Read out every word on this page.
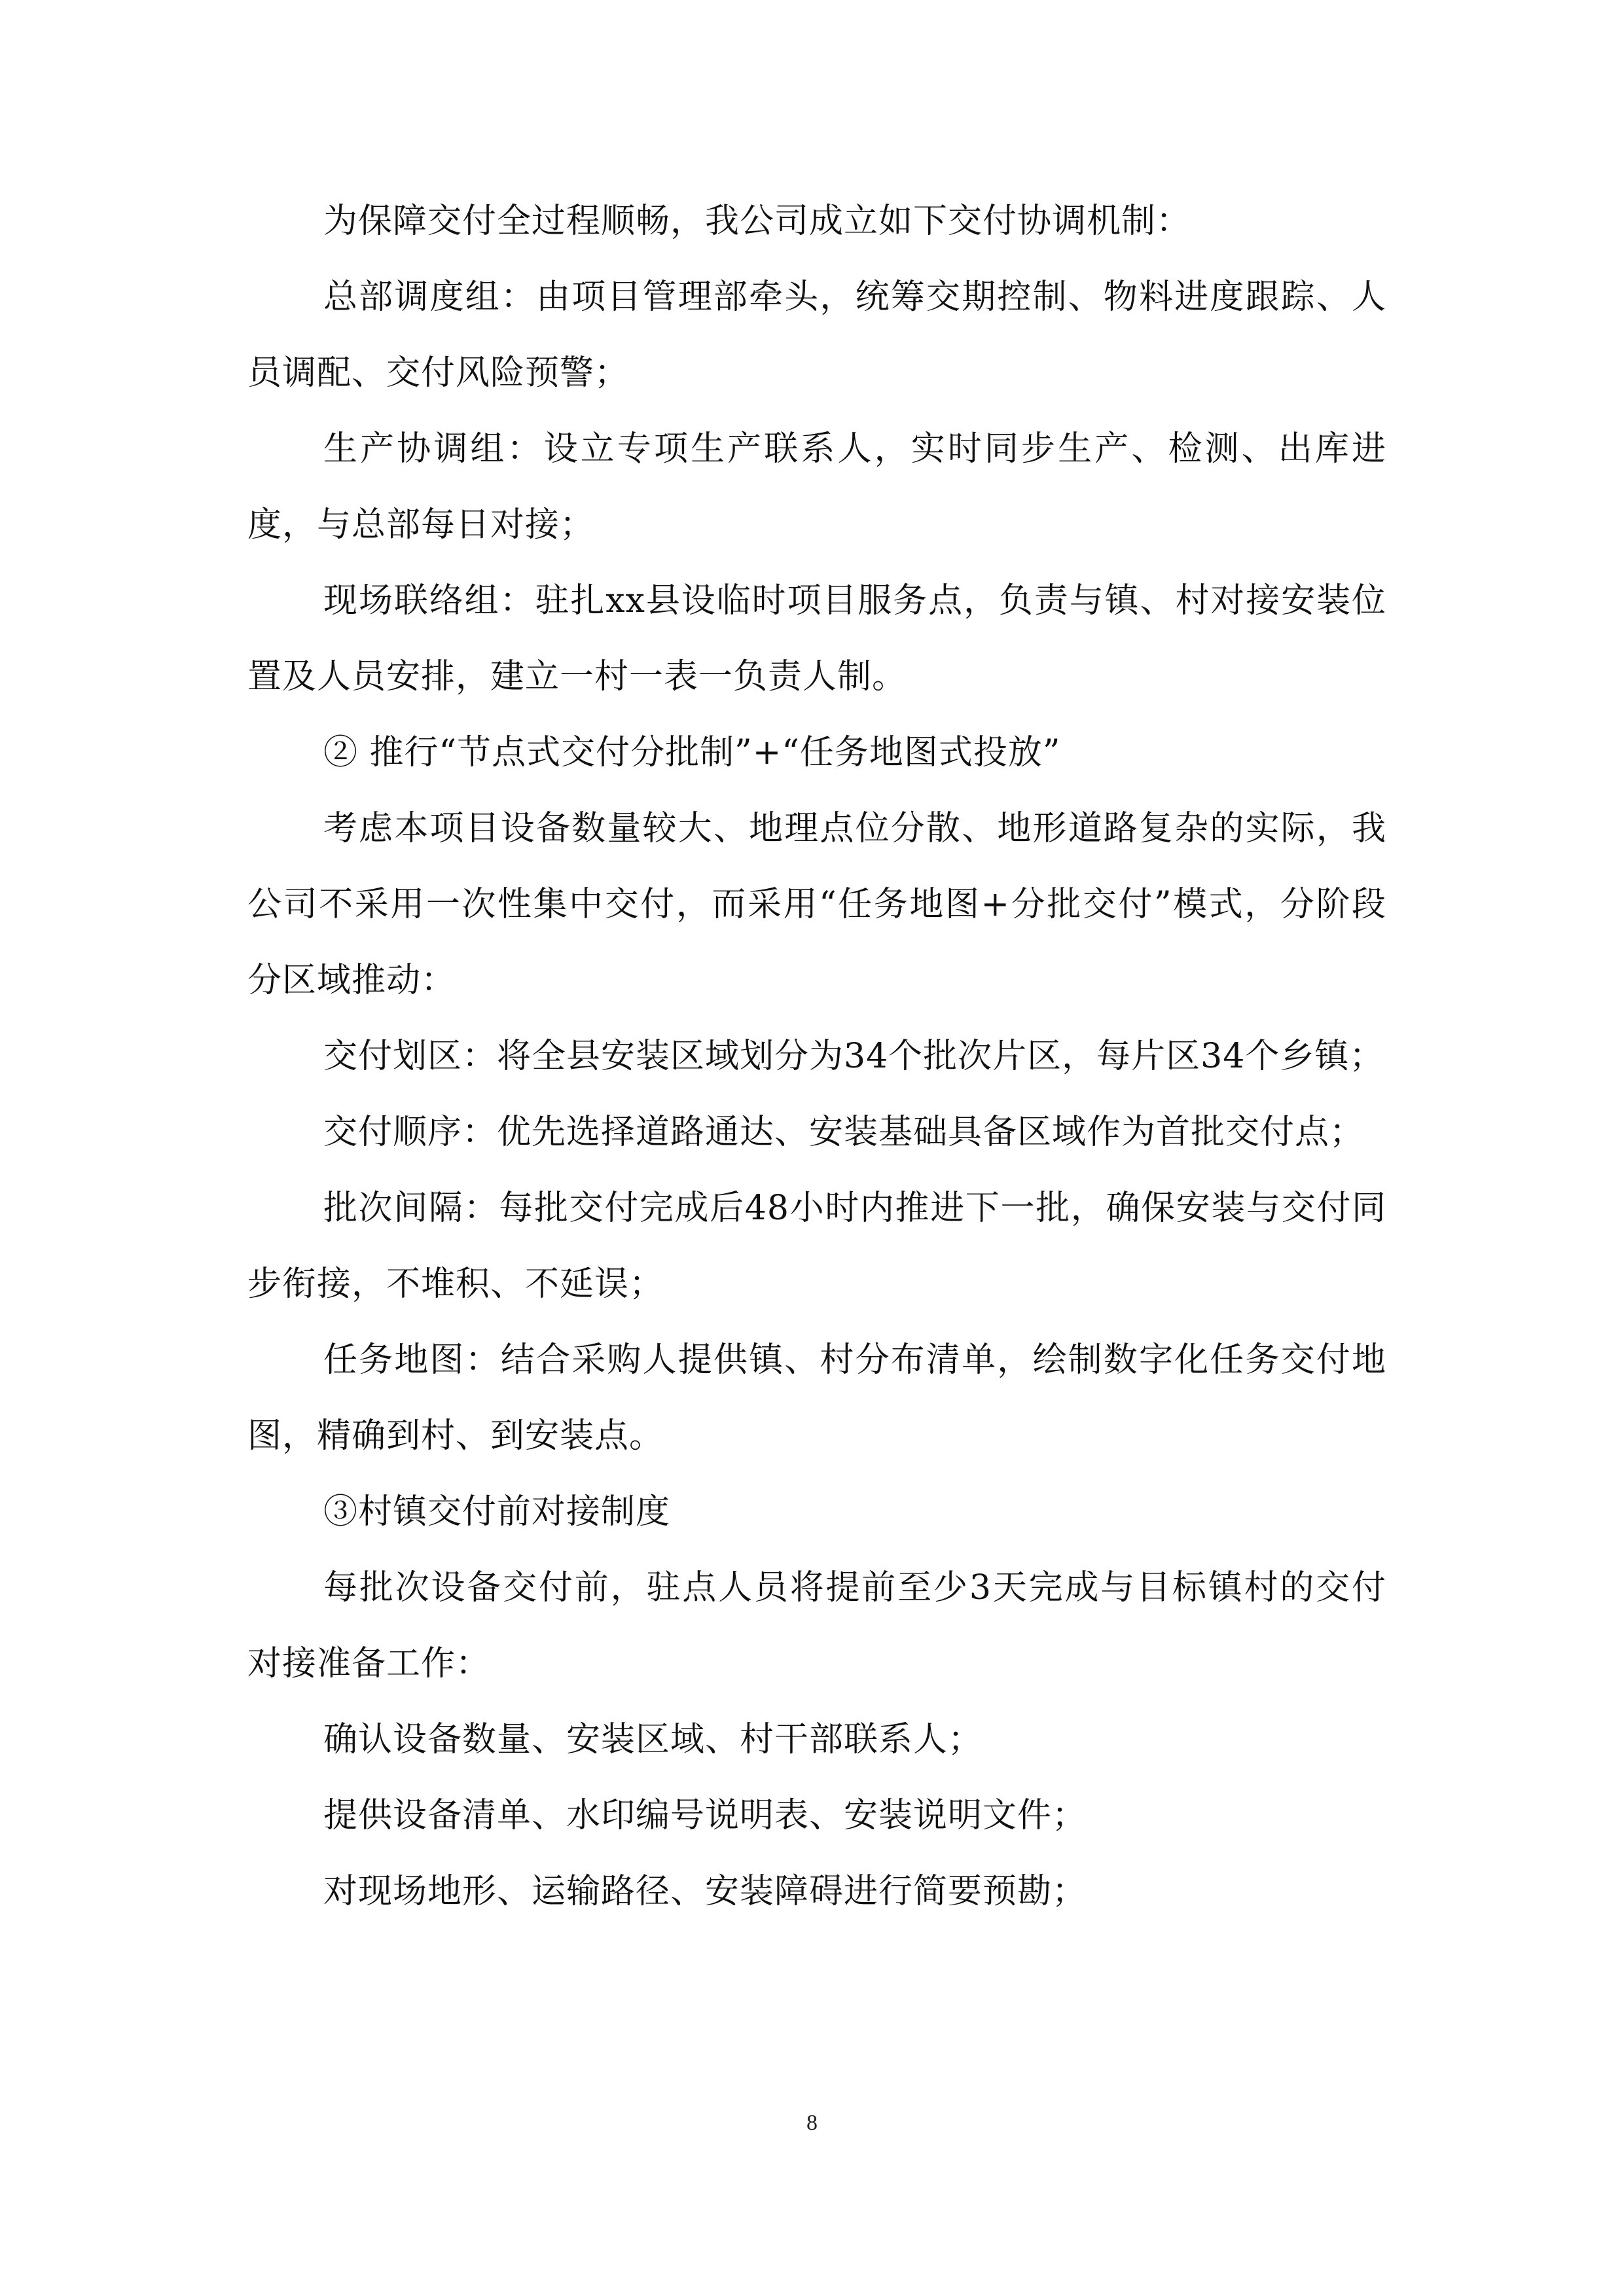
为保障交付全过程顺畅，我公司成立如下交付协调机制：

总部调度组：由项目管理部牵头，统筹交期控制、物料进度跟踪、人员调配、交付风险预警；

生产协调组：设立专项生产联系人，实时同步生产、检测、出库进度，与总部每日对接；

现场联络组：驻扎xx县设临时项目服务点，负责与镇、村对接安装位置及人员安排，建立一村一表一负责人制。

② 推行“节点式交付分批制”+“任务地图式投放”

考虑本项目设备数量较大、地理点位分散、地形道路复杂的实际，我公司不采用一次性集中交付，而采用“任务地图+分批交付”模式，分阶段分区域推动：

交付划区：将全县安装区域划分为34个批次片区，每片区34个乡镇；

交付顺序：优先选择道路通达、安装基础具备区域作为首批交付点；

批次间隔：每批交付完成后48小时内推进下一批，确保安装与交付同步衔接，不堆积、不延误；

任务地图：结合采购人提供镇、村分布清单，绘制数字化任务交付地图，精确到村、到安装点。

③村镇交付前对接制度

每批次设备交付前，驻点人员将提前至少3天完成与目标镇村的交付对接准备工作：

确认设备数量、安装区域、村干部联系人；

提供设备清单、水印编号说明表、安装说明文件；

对现场地形、运输路径、安装障碍进行简要预勘；

8
